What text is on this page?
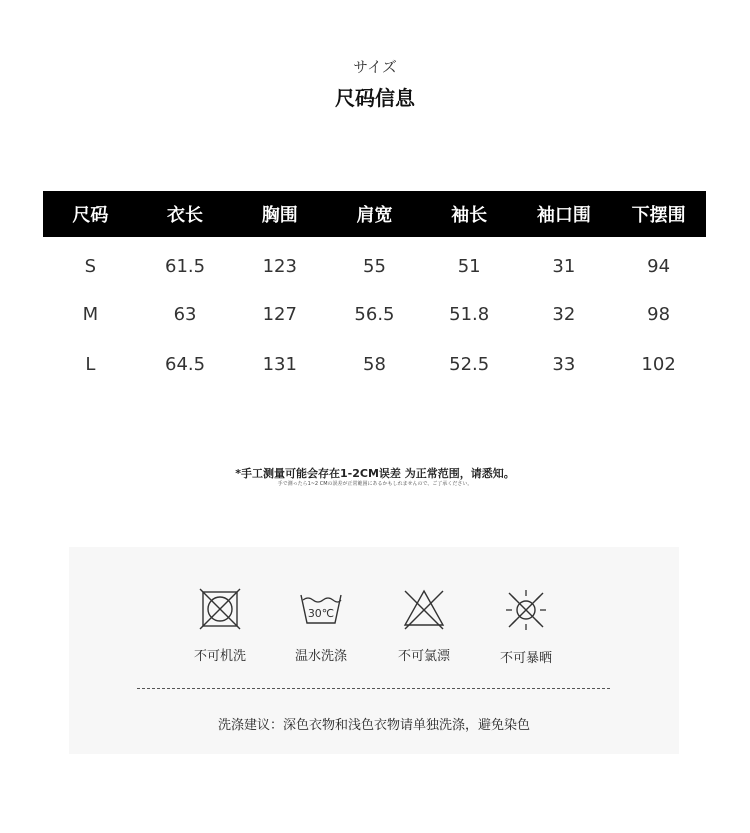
サイズ
尺码信息
尺码	衣长	胸围	肩宽	袖长	袖口围	下摆围
S	61.5	123	55	51	31	94
M	63	127	56.5	51.8	32	98
L	64.5	131	58	52.5	33	102
*手工测量可能会存在1-2CM误差 为正常范围，请悉知。
手で測ったら1~2 CMの誤差が正常範囲にあるかもしれませんので、ご了承ください。
不可机洗
30℃
温水洗涤	不可氯漂	不可暴晒
洗涤建议：深色衣物和浅色衣物请单独洗涤，避免染色
